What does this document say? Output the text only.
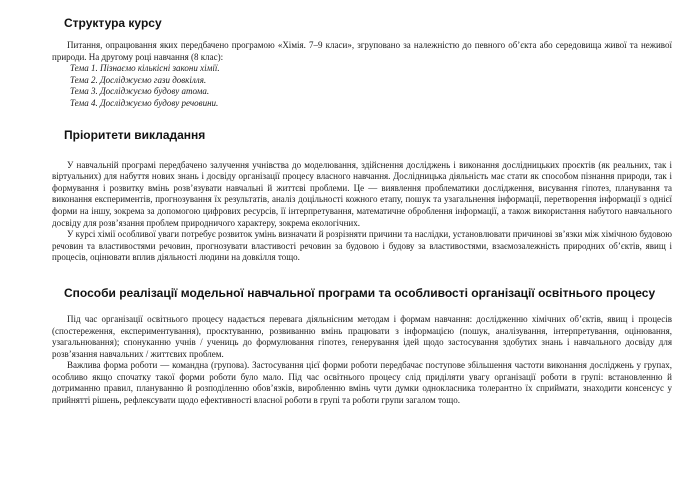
Структура курсу

Питання, опрацювання яких передбачено програмою «Хімія. 7–9 класи», згруповано за належністю до певного об’єкта або середовища живої та неживої природи. На другому році навчання (8 клас):

Тема 1. Пізнаємо кількісні закони хімії.
Тема 2. Досліджуємо гази довкілля.
Тема 3. Досліджуємо будову атома.
Тема 4. Досліджуємо будову речовини.
Пріоритети викладання

У навчальній програмі передбачено залучення учнівства до моделювання, здійснення досліджень і виконання дослідницьких проєктів (як реальних, так і віртуальних) для набуття нових знань і досвіду організації процесу власного навчання. Дослідницька діяльність має стати як способом пізнання природи, так і формування і розвитку вмінь розв’язувати навчальні й життєві проблеми. Це — виявлення проблематики дослідження, висування гіпотез, планування та виконання експериментів, прогнозування їх результатів, аналіз доцільності кожного етапу, пошук та узагальнення інформації, перетворення інформації з однієї форми на іншу, зокрема за допомогою цифрових ресурсів, її інтерпретування, математичне оброблення інформації, а також використання набутого навчального досвіду для розв’язання проблем природничого характеру, зокрема екологічних.

У курсі хімії особливої уваги потребує розвиток умінь визначати й розрізняти причини та наслідки, установлювати причинові зв’язки між хімічною будовою речовин та властивостями речовин, прогнозувати властивості речовин за будовою і будову за властивостями, взаємозалежність природних об’єктів, явищ і процесів, оцінювати вплив діяльності людини на довкілля тощо.

Способи реалізації модельної навчальної програми та особливості організації освітнього процесу

Під час організації освітнього процесу надається перевага діяльнісним методам і формам навчання: дослідженню хімічних об’єктів, явищ і процесів (спостереження, експериментування), проєктуванню, розвиванню вмінь працювати з інформацією (пошук, аналізування, інтерпретування, оцінювання, узагальнювання); спонуканню учнів / учениць до формулювання гіпотез, генерування ідей щодо застосування здобутих знань і навчального досвіду для розв’язання навчальних / життєвих проблем.

Важлива форма роботи — командна (групова). Застосування цієї форми роботи передбачає поступове збільшення частоти виконання досліджень у групах, особливо якщо спочатку такої форми роботи було мало. Під час освітнього процесу слід приділяти увагу організації роботи в групі: встановленню й дотриманню правил, плануванню й розподіленню обов’язків, виробленню вмінь чути думки однокласника толерантно їх сприймати, знаходити консенсус у прийнятті рішень, рефлексувати щодо ефективності власної роботи в групі та роботи групи загалом тощо.
